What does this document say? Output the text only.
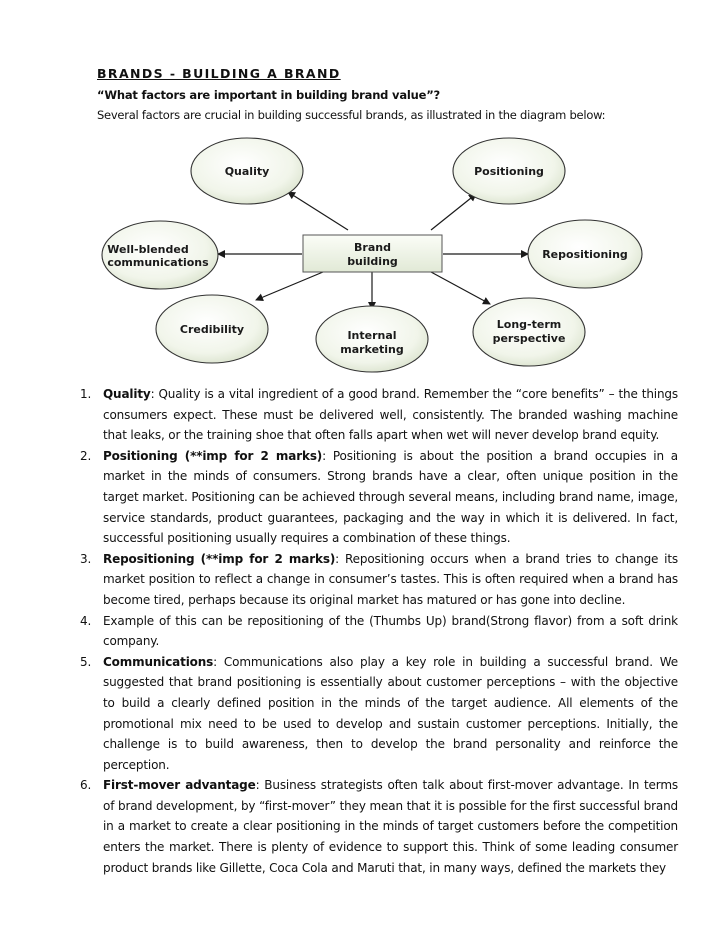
BRANDS - BUILDING A BRAND
“What factors are important in building brand value”?
Several factors are crucial in building successful brands, as illustrated in the diagram below:
Brand
building
Quality	Positioning
Well-blended
communications
Repositioning
Credibility	Internal
marketing
Long-term
perspective
1. Quality: Quality is a vital ingredient of a good brand. Remember the “core benefits” – the things consumers expect. These must be delivered well, consistently. The branded washing machine that leaks, or the training shoe that often falls apart when wet will never develop brand equity.
2. Positioning (**imp for 2 marks): Positioning is about the position a brand occupies in a market in the minds of consumers. Strong brands have a clear, often unique position in the target market. Positioning can be achieved through several means, including brand name, image, service standards, product guarantees, packaging and the way in which it is delivered. In fact, successful positioning usually requires a combination of these things.
3. Repositioning (**imp for 2 marks): Repositioning occurs when a brand tries to change its market position to reflect a change in consumer’s tastes. This is often required when a brand has become tired, perhaps because its original market has matured or has gone into decline.
4. Example of this can be repositioning of the (Thumbs Up) brand(Strong flavor) from a soft drink company.
5. Communications: Communications also play a key role in building a successful brand. We suggested that brand positioning is essentially about customer perceptions – with the objective to build a clearly defined position in the minds of the target audience. All elements of the promotional mix need to be used to develop and sustain customer perceptions. Initially, the challenge is to build awareness, then to develop the brand personality and reinforce the perception.
6. First-mover advantage: Business strategists often talk about first-mover advantage. In terms of brand development, by “first-mover” they mean that it is possible for the first successful brand in a market to create a clear positioning in the minds of target customers before the competition enters the market. There is plenty of evidence to support this. Think of some leading consumer product brands like Gillette, Coca Cola and Maruti that, in many ways, defined the markets they
